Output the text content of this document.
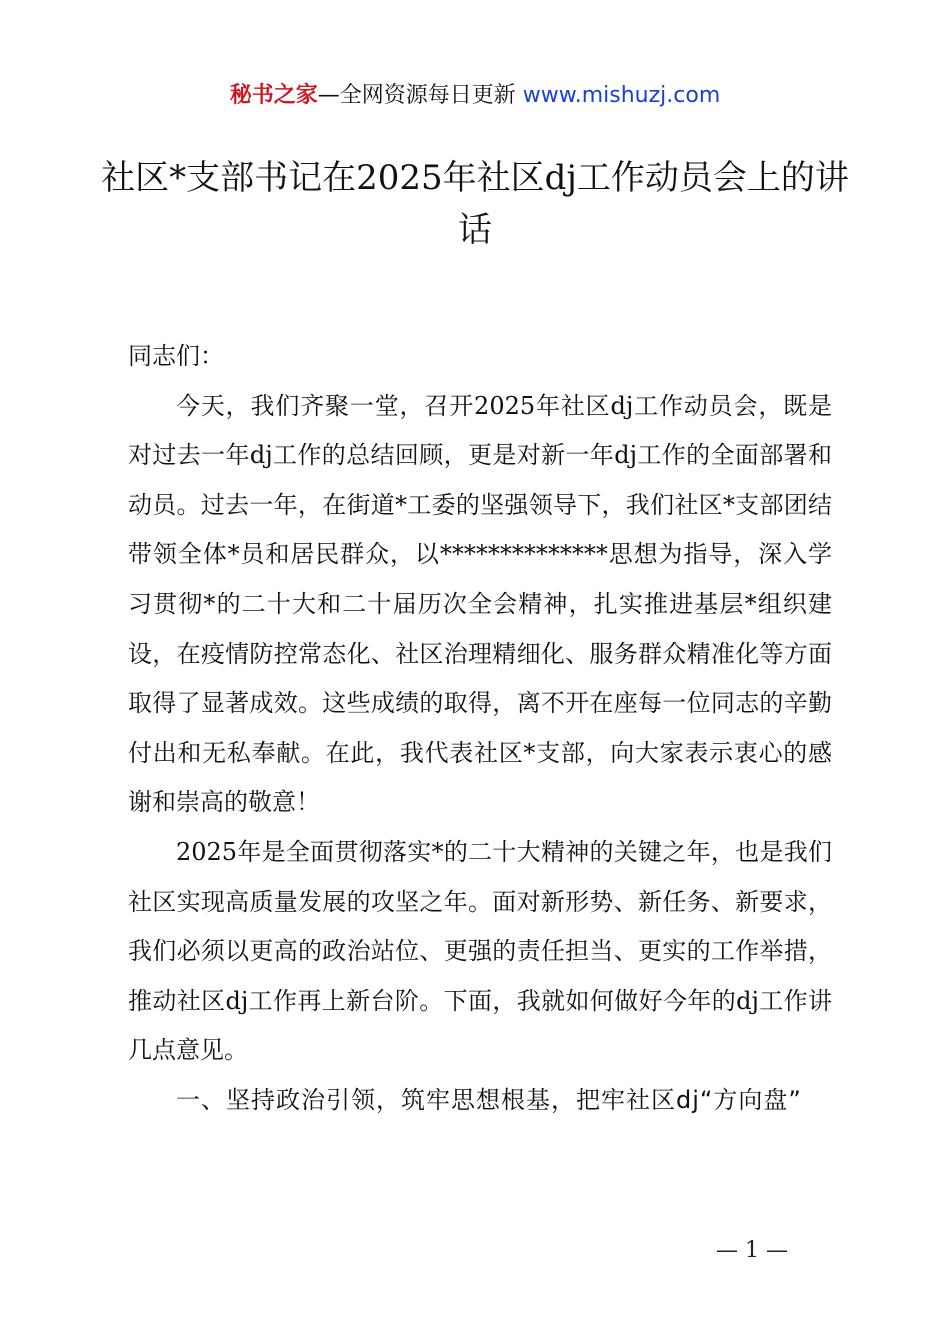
秘书之家—全网资源每日更新 www.mishuzj.com
社区*支部书记在2025年社区dj工作动员会上的讲话

同志们：

今天，我们齐聚一堂，召开2025年社区dj工作动员会，既是对过去一年dj工作的总结回顾，更是对新一年dj工作的全面部署和动员。过去一年，在街道*工委的坚强领导下，我们社区*支部团结带领全体*员和居民群众，以**************思想为指导，深入学习贯彻*的二十大和二十届历次全会精神，扎实推进基层*组织建设，在疫情防控常态化、社区治理精细化、服务群众精准化等方面取得了显著成效。这些成绩的取得，离不开在座每一位同志的辛勤付出和无私奉献。在此，我代表社区*支部，向大家表示衷心的感谢和崇高的敬意！

2025年是全面贯彻落实*的二十大精神的关键之年，也是我们社区实现高质量发展的攻坚之年。面对新形势、新任务、新要求，我们必须以更高的政治站位、更强的责任担当、更实的工作举措，推动社区dj工作再上新台阶。下面，我就如何做好今年的dj工作讲几点意见。

一、坚持政治引领，筑牢思想根基，把牢社区dj“方向盘”

— 1 —
